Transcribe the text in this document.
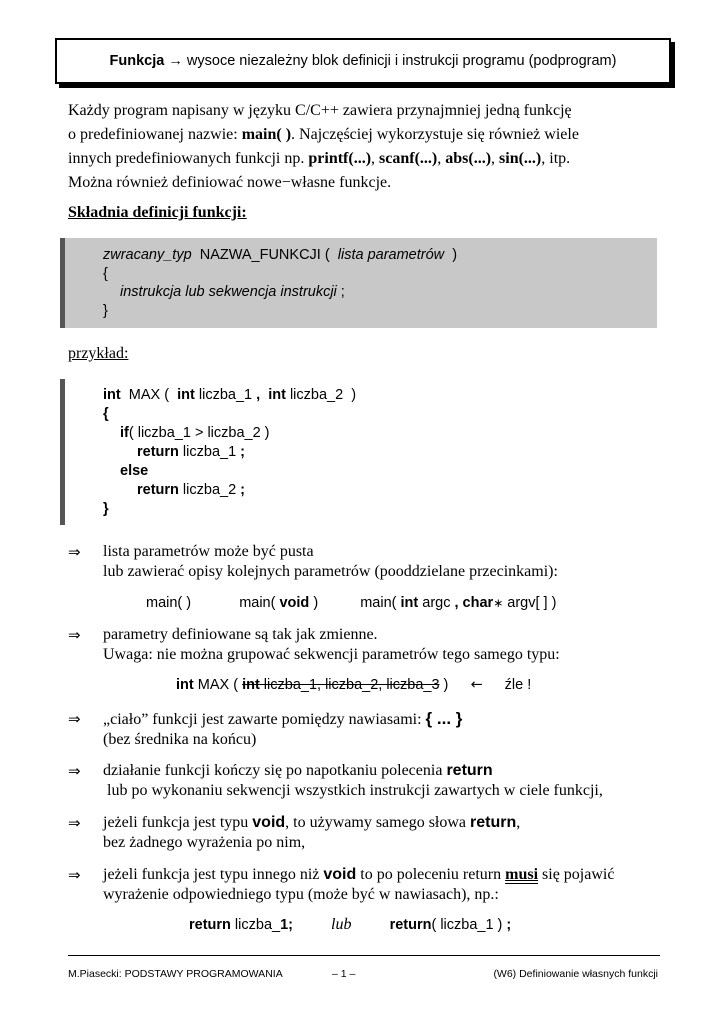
Funkcja → wysoce niezależny blok definicji i instrukcji programu (podprogram)

Każdy program napisany w języku C/C++ zawiera przynajmniej jedną funkcję

o predefiniowanej nazwie: main( ). Najczęściej wykorzystuje się również wiele

innych predefiniowanych funkcji np. printf(...), scanf(...), abs(...), sin(...), itp.

Można również definiować nowe−własne funkcje.

Składnia definicji funkcji:
zwracany_typ NAZWA_FUNKCJI ( lista parametrów )
{
instrukcja lub sekwencja instrukcji ;
}
przykład:
int  MAX (  int liczba_1 ,  int liczba_2  )
{
if( liczba_1 > liczba_2 )
return liczba_1 ;
else
return liczba_2 ;
}
⇒	lista parametrów może być pusta
lub zawierać opisy kolejnych parametrów (pooddzielane przecinkami):
main( )	main( void )	main( int argc , char∗ argv[ ] )
⇒	parametry definiowane są tak jak zmienne.
Uwaga: nie można grupować sekwencji parametrów tego samego typu:
int MAX ( int liczba_1, liczba_2, liczba_3 ) ← źle !
⇒	„ciało” funkcji jest zawarte pomiędzy nawiasami: { ... }
(bez średnika na końcu)
⇒	działanie funkcji kończy się po napotkaniu polecenia return
lub po wykonaniu sekwencji wszystkich instrukcji zawartych w ciele funkcji,
⇒	jeżeli funkcja jest typu void, to używamy samego słowa return,
bez żadnego wyrażenia po nim,
⇒	jeżeli funkcja jest typu innego niż void to po poleceniu return musi się pojawić
wyrażenie odpowiedniego typu (może być w nawiasach), np.:
return liczba_1; lub	return( liczba_1 ) ;
M.Piasecki: PODSTAWY PROGRAMOWANIA	– 1 –	(W6) Definiowanie własnych funkcji
